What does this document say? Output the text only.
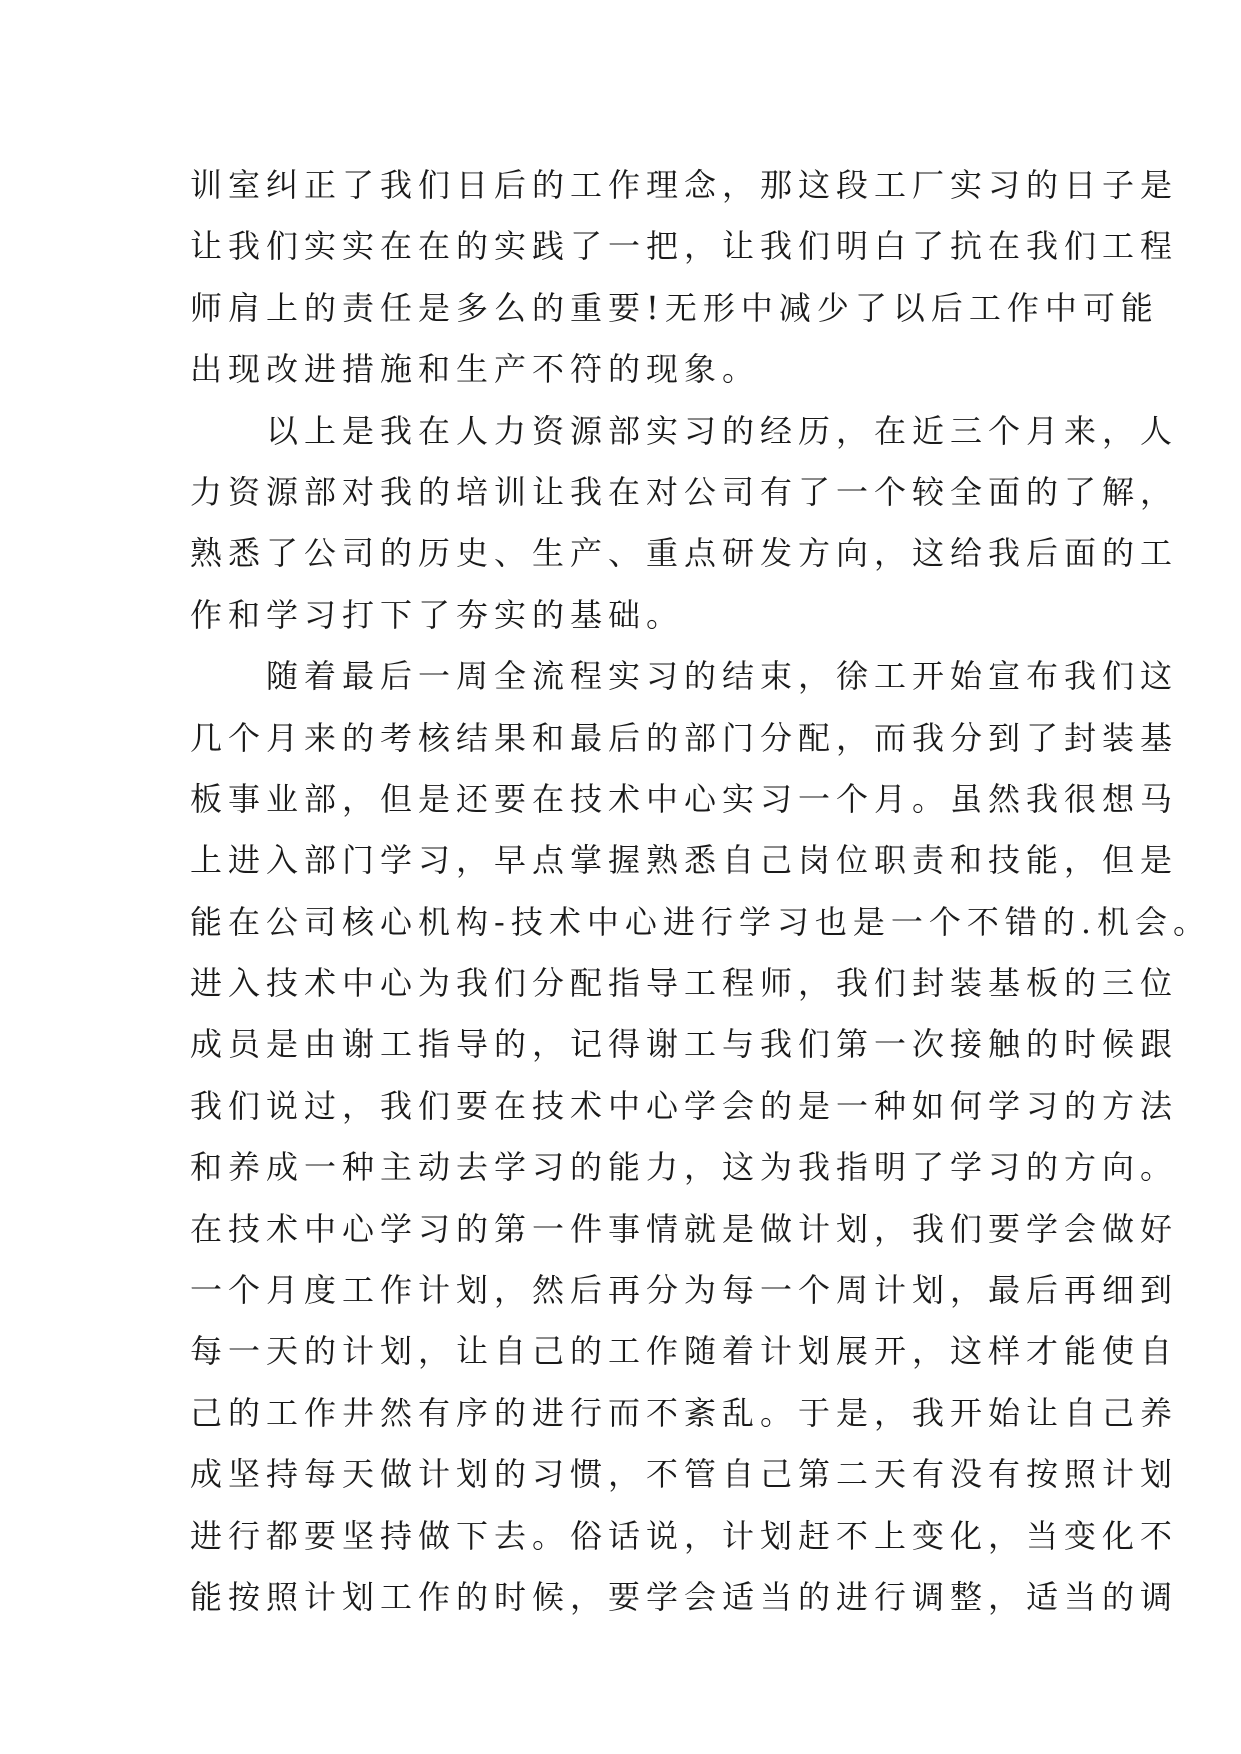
训室纠正了我们日后的工作理念，那这段工厂实习的日子是
让我们实实在在的实践了一把，让我们明白了抗在我们工程
师肩上的责任是多么的重要!无形中减少了以后工作中可能
出现改进措施和生产不符的现象。
　　以上是我在人力资源部实习的经历，在近三个月来，人
力资源部对我的培训让我在对公司有了一个较全面的了解，
熟悉了公司的历史、生产、重点研发方向，这给我后面的工
作和学习打下了夯实的基础。
　　随着最后一周全流程实习的结束，徐工开始宣布我们这
几个月来的考核结果和最后的部门分配，而我分到了封装基
板事业部，但是还要在技术中心实习一个月。虽然我很想马
上进入部门学习，早点掌握熟悉自己岗位职责和技能，但是
能在公司核心机构-技术中心进行学习也是一个不错的.机会。
进入技术中心为我们分配指导工程师，我们封装基板的三位
成员是由谢工指导的，记得谢工与我们第一次接触的时候跟
我们说过，我们要在技术中心学会的是一种如何学习的方法
和养成一种主动去学习的能力，这为我指明了学习的方向。
在技术中心学习的第一件事情就是做计划，我们要学会做好
一个月度工作计划，然后再分为每一个周计划，最后再细到
每一天的计划，让自己的工作随着计划展开，这样才能使自
己的工作井然有序的进行而不紊乱。于是，我开始让自己养
成坚持每天做计划的习惯，不管自己第二天有没有按照计划
进行都要坚持做下去。俗话说，计划赶不上变化，当变化不
能按照计划工作的时候，要学会适当的进行调整，适当的调
